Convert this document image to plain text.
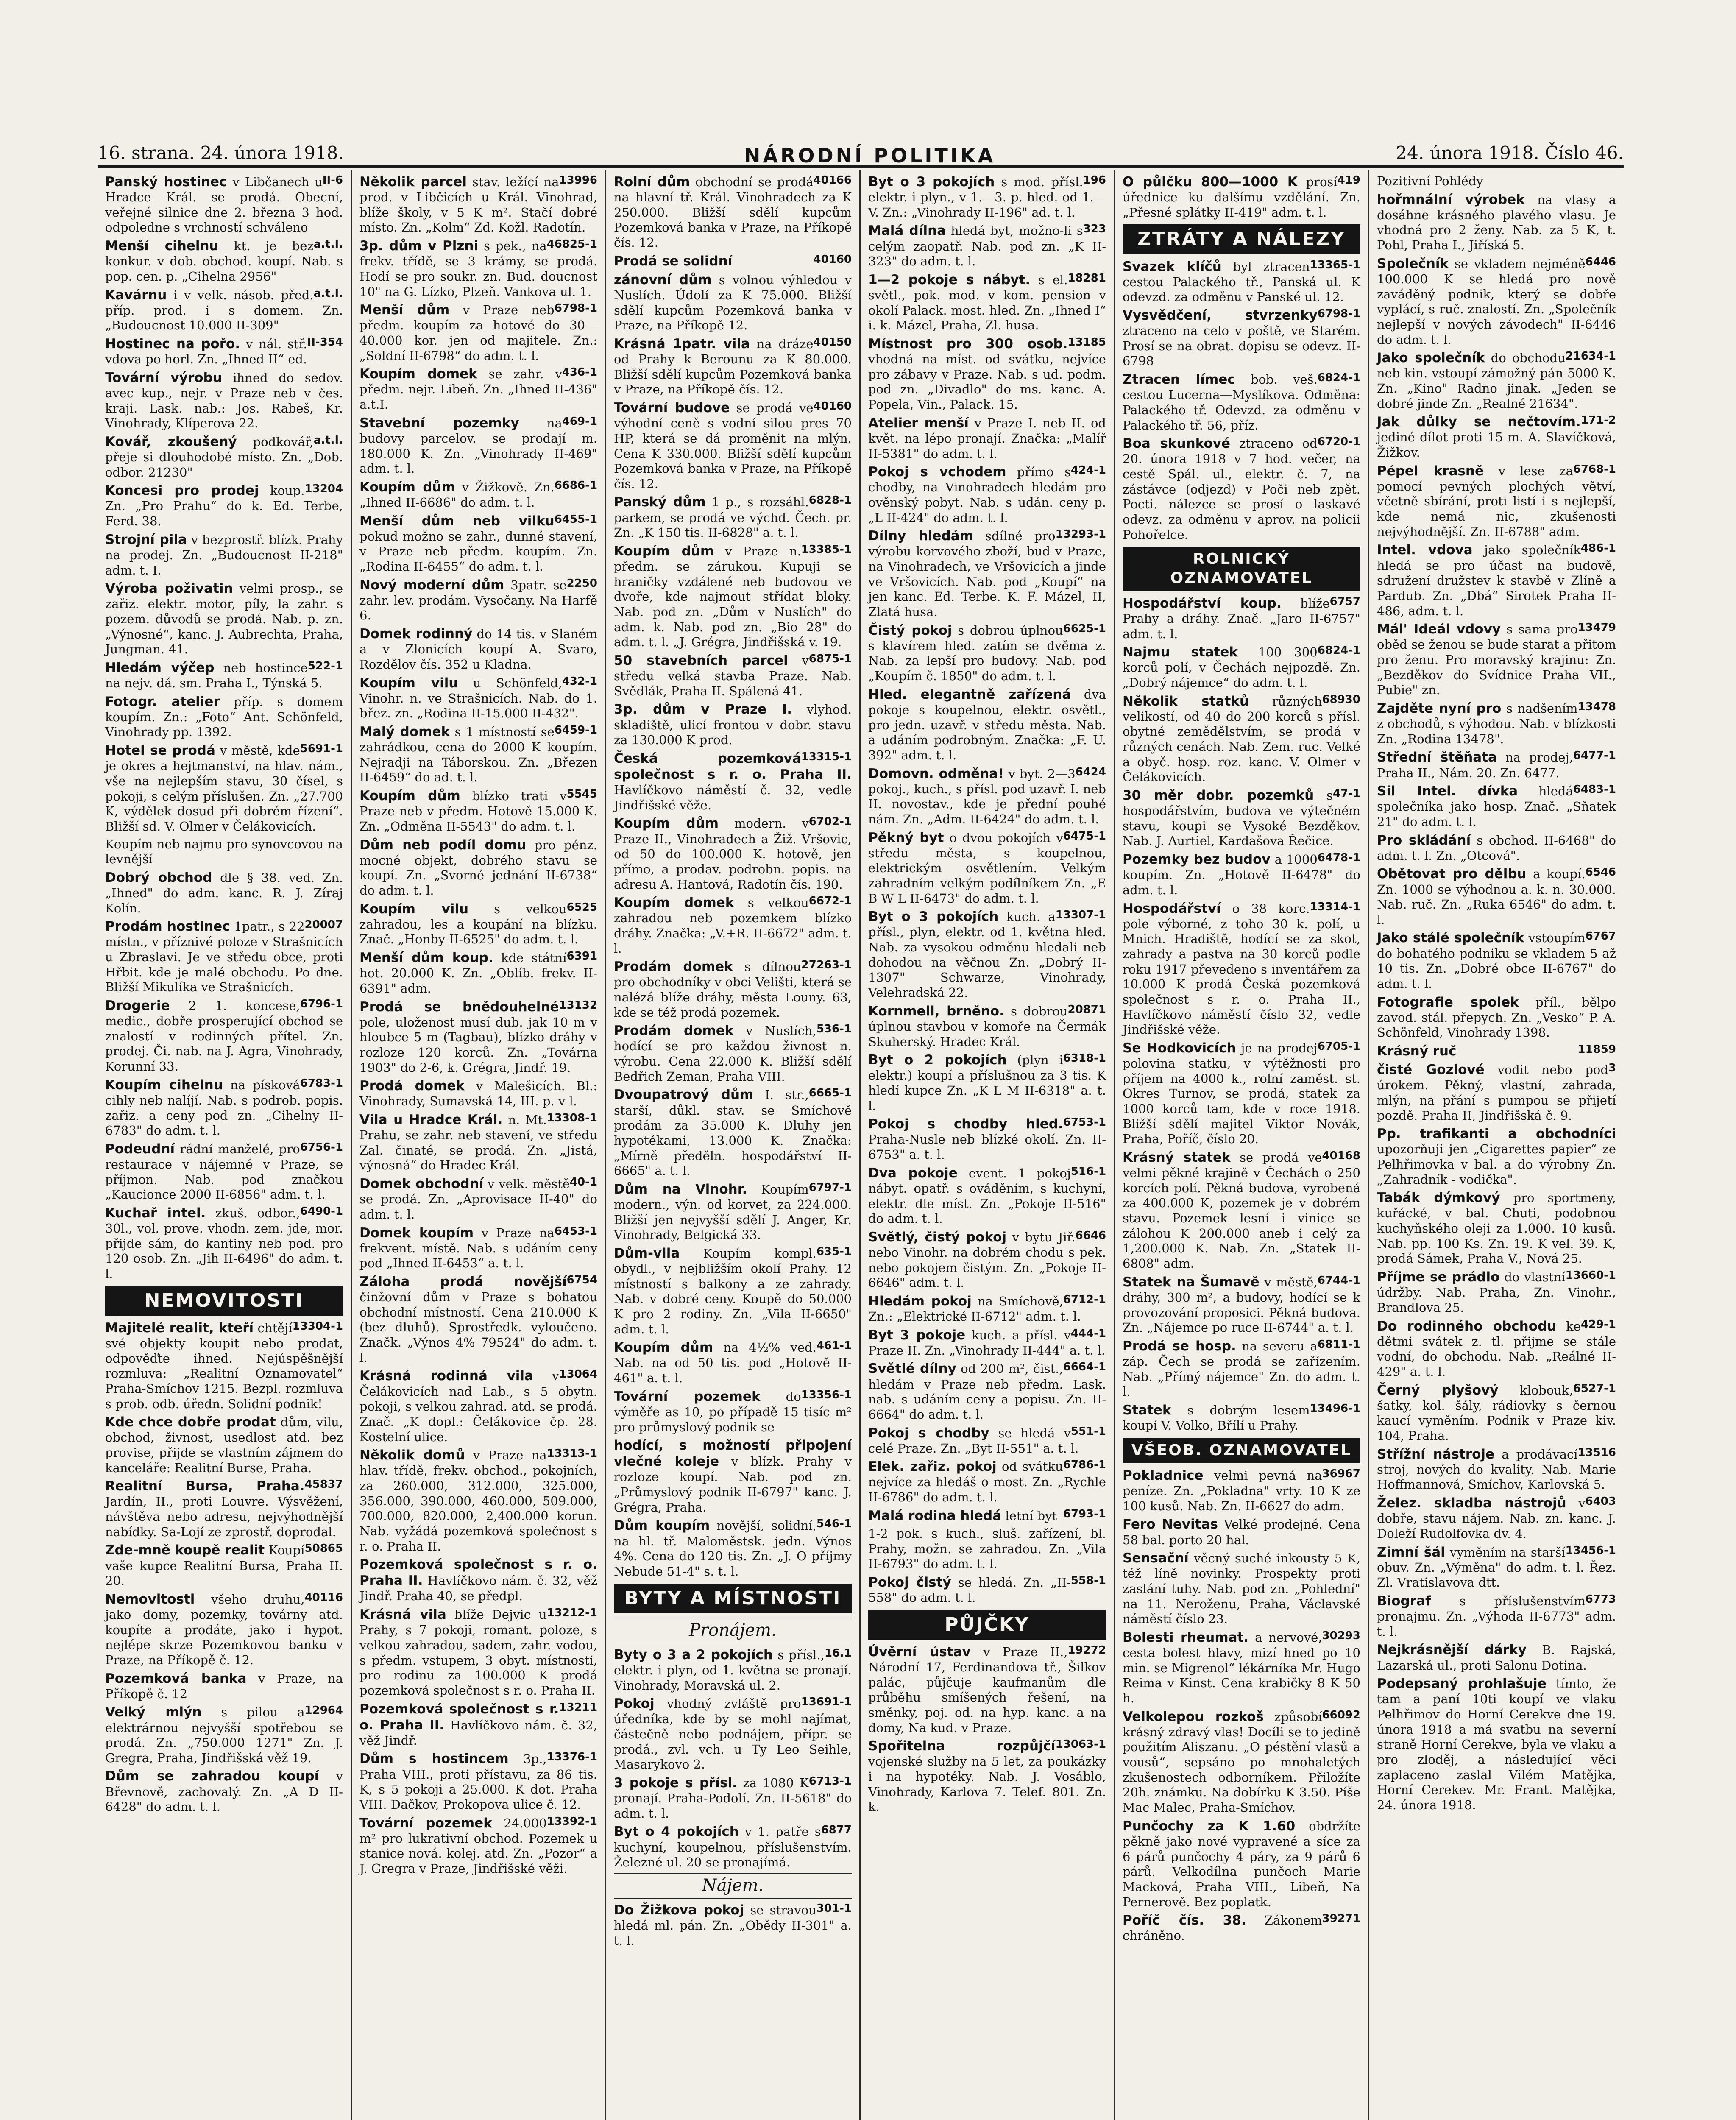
16. strana. 24. února 1918.	NÁRODNÍ POLITIKA	24. února 1918. Číslo 46.
II-6
Panský hostinec v Libčanech u Hradce Král. se prodá. Obecní, veřejné silnice dne 2. března 3 hod. odpoledne s vrchností schváleno
a.t.I.
Menší cihelnu kt. je bez konkur. v dob. obchod. koupí. Nab. s pop. cen. p. „Cihelna 2956"
a.t.I.
Kavárnu i v velk. násob. před. příp. prod. i s domem. Zn. „Budoucnost 10.000 II-309"
II-354
Hostinec na pořo. v nál. stř. vdova po horl. Zn. „Ihned II“ ed.
Tovární výrobu ihned do sedov. avec kup., nejr. v Praze neb v čes. kraji. Lask. nab.: Jos. Rabeš, Kr. Vinohrady, Klíperova 22.
a.t.I.
Kovář, zkoušený podkovář, přeje si dlouhodobé místo. Zn. „Dob. odbor. 21230"
13204
Koncesi pro prodej koup. Zn. „Pro Prahu“ do k. Ed. Terbe, Ferd. 38.
Strojní pila v bezprostř. blízk. Prahy na prodej. Zn. „Budoucnost II-218" adm. t. I.
Výroba poživatin velmi prosp., se zařiz. elektr. motor, píly, la zahr. s pozem. důvodů se prodá. Nab. p. zn. „Výnosné“, kanc. J. Aubrechta, Praha, Jungman. 41.
522-1
Hledám výčep neb hostince na nejv. dá. sm. Praha I., Týnská 5.
Fotogr. atelier příp. s domem koupím. Zn.: „Foto“ Ant. Schönfeld, Vinohrady pp. 1392.
5691-1
Hotel se prodá v městě, kde je okres a hejtmanství, na hlav. nám., vše na nejlepším stavu, 30 čísel, s pokoji, s celým příslušen. Zn. „27.700 K, výdělek dosud při dobrém řízení“. Bližší sd. V. Olmer v Čelákovicích.
Koupím neb najmu pro synovcovou na levnější
Dobrý obchod dle § 38. ved. Zn. „Ihned" do adm. kanc. R. J. Zíraj Kolín.
20007
Prodám hostinec 1patr., s 22 místn., v příznivé poloze v Strašnicích u Zbraslavi. Je ve středu obce, proti Hřbit. kde je malé obchodu. Po dne. Bližší Mikulíka ve Strašnicích.
6796-1
Drogerie 2 1. koncese, medic., dobře prosperující obchod se znalostí v rodinných přítel. Zn. prodej. Či. nab. na J. Agra, Vinohrady, Korunní 33.
6783-1
Koupím cihelnu na písková cihly neb nalíjí. Nab. s podrob. popis. zařiz. a ceny pod zn. „Cihelny II-6783" do adm. t. l.
6756-1
Podeudní rádní manželé, pro restaurace v nájemné v Praze, se příjmon. Nab. pod značkou „Kaucionce 2000 II-6856" adm. t. l.
6490-1
Kuchař intel. zkuš. odbor., 30l., vol. prove. vhodn. zem. jde, mor. přijde sám, do kantiny neb pod. pro 120 osob. Zn. „Jih II-6496" do adm. t. l.
NEMOVITOSTI
13304-1
Majitelé realit, kteří chtějí své objekty koupit nebo prodat, odpověďte ihned. Nejúspěšnější rozmluva: „Realitní Oznamovatel“ Praha-Smíchov 1215. Bezpl. rozmluva s prob. odb. úředn. Solidní podnik!
Kde chce dobře prodat dům, vilu, obchod, živnost, usedlost atd. bez provise, přijde se vlastním zájmem do kanceláře: Realitní Burse, Praha.
45837
Realitní Bursa, Praha. Jardín, II., proti Louvre. Výsvěžení, návštěva nebo adresu, nejvýhodnější nabídky. Sa-Lojí ze zprostř. doprodal.
50865
Zde-mně koupě realit Koupí vaše kupce Realitní Bursa, Praha II. 20.
40116
Nemovitosti všeho druhu, jako domy, pozemky, továrny atd. koupíte a prodáte, jako i hypot. nejlépe skrze Pozemkovou banku v Praze, na Příkopě č. 12.
Pozemková banka v Praze, na Příkopě č. 12
12964
Velký mlýn s pilou a elektrárnou nejvyšší spotřebou se prodá. Zn. „750.000 1271" Zn. J. Gregra, Praha, Jindřišská věž 19.
Dům se zahradou koupí v Břevnově, zachovalý. Zn. „A D II-6428" do adm. t. l.
13996
Několik parcel stav. ležící na prod. v Libčicích u Král. Vinohrad, blíže školy, v 5 K m². Stačí dobré místo. Zn. „Kolm“ Zd. Kožl. Radotín.
46825-1
3p. dům v Plzni s pek., na frekv. třídě, se 3 krámy, se prodá. Hodí se pro soukr. zn. Bud. doucnost 10" na G. Lízko, Plzeň. Vankova ul. 1.
6798-1
Menší dům v Praze neb předm. koupím za hotové do 30—40.000 kor. jen od majitele. Zn.: „Soldní II-6798“ do adm. t. l.
436-1
Koupím domek se zahr. v předm. nejr. Libeň. Zn. „Ihned II-436" a.t.I.
469-1
Stavební pozemky na budovy parcelov. se prodají m. 180.000 K. Zn. „Vinohrady II-469" adm. t. l.
6686-1
Koupím dům v Žižkově. Zn. „Ihned II-6686" do adm. t. l.
6455-1
Menší dům neb vilku pokud možno se zahr., dunné stavení, v Praze neb předm. koupím. Zn. „Rodina II-6455“ do adm. t. l.
2250
Nový moderní dům 3patr. se zahr. lev. prodám. Vysočany. Na Harfě 6.
Domek rodinný do 14 tis. v Slaném a v Zlonicích koupí A. Svaro, Rozdělov čís. 352 u Kladna.
432-1
Koupím vilu u Schönfeld, Vinohr. n. ve Strašnicích. Nab. do 1. břez. zn. „Rodina II-15.000 II-432".
6459-1
Malý domek s 1 místností se zahrádkou, cena do 2000 K koupím. Nejradji na Táborskou. Zn. „Březen II-6459“ do ad. t. l.
5545
Koupím dům blízko trati v Praze neb v předm. Hotově 15.000 K. Zn. „Odměna II-5543" do adm. t. l.
Dům neb podíl domu pro pénz. mocné objekt, dobrého stavu se koupí. Zn. „Svorné jednání II-6738“ do adm. t. l.
6525
Koupím vilu s velkou zahradou, les a koupání na blízku. Znač. „Honby II-6525" do adm. t. l.
6391
Menší dům koup. kde státní hot. 20.000 K. Zn. „Oblíb. frekv. II-6391" adm.
13132
Prodá se bnědouhelné pole, uloženost musí dub. jak 10 m v hloubce 5 m (Tagbau), blízko dráhy v rozloze 120 korců. Zn. „Továrna 1903" do 2-6, k. Grégra, Jindř. 19.
Prodá domek v Malešicích. Bl.: Vinohrady, Sumavská 14, III. p. v l.
13308-1
Vila u Hradce Král. n. Mt. Prahu, se zahr. neb stavení, ve středu Zal. činaté, se prodá. Zn. „Jistá, výnosná“ do Hradec Král.
40-1
Domek obchodní v velk. městě se prodá. Zn. „Aprovisace II-40" do adm. t. l.
6453-1
Domek koupím v Praze na frekvent. místě. Nab. s udáním ceny pod „Ihned II-6453“ a. t. l.
6754
Záloha prodá novější činžovní dům v Praze s bohatou obchodní místností. Cena 210.000 K (bez dluhů). Sprostředk. vyloučeno. Značk. „Výnos 4% 79524" do adm. t. l.
13064
Krásná rodinná vila v Čelákovicích nad Lab., s 5 obytn. pokoji, s velkou zahrad. atd. se prodá. Znač. „K dopl.: Čelákovice čp. 28. Kostelní ulice.
13313-1
Několik domů v Praze na hlav. třídě, frekv. obchod., pokojních, za 260.000, 312.000, 325.000, 356.000, 390.000, 460.000, 509.000, 700.000, 820.000, 2,400.000 korun. Nab. vyžádá pozemková společnost s r. o. Praha II.
Pozemková společnost s r. o. Praha II. Havlíčkovo nám. č. 32, věž Jindř. Praha 40, se předpl.
13212-1
Krásná vila blíže Dejvic u Prahy, s 7 pokoji, romant. poloze, s velkou zahradou, sadem, zahr. vodou, s předm. vstupem, 3 obyt. místnosti, pro rodinu za 100.000 K prodá pozemková společnost s r. o. Praha II.
13211
Pozemková společnost s r. o. Praha II. Havlíčkovo nám. č. 32, věž Jindř.
13376-1
Dům s hostincem 3p., Praha VIII., proti přístavu, za 86 tis. K, s 5 pokoji a 25.000. K dot. Praha VIII. Dačkov, Prokopova ulice č. 12.
13392-1
Tovární pozemek 24.000 m² pro lukrativní obchod. Pozemek u stanice nová. kolej. atd. Zn. „Pozor“ a J. Gregra v Praze, Jindřišské věži.
40166
Rolní dům obchodní se prodá na hlavní tř. Král. Vinohradech za K 250.000. Bližší sdělí kupcům Pozemková banka v Praze, na Příkopě čís. 12.
40160
Prodá se solidní
zánovní dům s volnou výhledou v Nuslích. Údolí za K 75.000. Bližší sdělí kupcům Pozemková banka v Praze, na Příkopě 12.
40150
Krásná 1patr. vila na dráze od Prahy k Berounu za K 80.000. Bližší sdělí kupcům Pozemková banka v Praze, na Příkopě čís. 12.
40160
Tovární budove se prodá ve výhodní ceně s vodní silou pres 70 HP, která se dá proměnit na mlýn. Cena K 330.000. Bližší sdělí kupcům Pozemková banka v Praze, na Příkopě čís. 12.
6828-1
Panský dům 1 p., s rozsáhl. parkem, se prodá ve výchd. Čech. pr. Zn. „K 150 tis. II-6828" a. t. l.
13385-1
Koupím dům v Praze n. předm. se zárukou. Kupuji se hraničky vzdálené neb budovou ve dvoře, kde najmout střídat bloky. Nab. pod zn. „Dům v Nuslích" do adm. k. Nab. pod zn. „Bio 28" do adm. t. l. „J. Grégra, Jindřišská v. 19.
6875-1
50 stavebních parcel v středu velká stavba Praze. Nab. Svědlák, Praha II. Spálená 41.
3p. dům v Praze I. vlyhod. skladiště, ulicí frontou v dobr. stavu za 130.000 K prod.
13315-1
Česká pozemková společnost s r. o. Praha II. Havlíčkovo náměstí č. 32, vedle Jindřišské věže.
6702-1
Koupím dům modern. v Praze II., Vinohradech a Žiž. Vršovic, od 50 do 100.000 K. hotově, jen přímo, a prodav. podrobn. popis. na adresu A. Hantová, Radotín čís. 190.
6672-1
Koupím domek s velkou zahradou neb pozemkem blízko dráhy. Značka: „V.+R. II-6672" adm. t. l.
27263-1
Prodám domek s dílnou pro obchodníky v obci Velišti, která se nalézá blíže dráhy, města Louny. 63, kde se též prodá pozemek.
536-1
Prodám domek v Nuslích, hodící se pro každou živnost n. výrobu. Cena 22.000 K. Bližší sdělí Bedřich Zeman, Praha VIII.
6665-1
Dvoupatrový dům I. str., starší, důkl. stav. se Smíchově prodám za 35.000 K. Dluhy jen hypotékami, 13.000 K. Značka: „Mírně předěln. hospodářství II-6665" a. t. l.
6797-1
Dům na Vinohr. Koupím modern., výn. od korvet, za 224.000. Bližší jen nejvyšší sdělí J. Anger, Kr. Vinohrady, Belgická 33.
635-1
Dům-vila Koupím kompl. obydl., v nejbližším okolí Prahy. 12 místností s balkony a ze zahrady. Nab. v dobré ceny. Koupě do 50.000 K pro 2 rodiny. Zn. „Vila II-6650" adm. t. l.
461-1
Koupím dům na 4½% ved. Nab. na od 50 tis. pod „Hotově II-461" a. t. l.
13356-1
Tovární pozemek do výměře as 10, po případě 15 tisíc m² pro průmyslový podnik se
hodící, s možností připojení vlečné koleje v blízk. Prahy v rozloze koupí. Nab. pod zn. „Průmyslový podnik II-6797" kanc. J. Grégra, Praha.
546-1
Dům koupím novější, solidní, na hl. tř. Maloměstsk. jedn. Výnos 4%. Cena do 120 tis. Zn. „J. O příjmy Nebude 51-4" s. t. l.
BYTY A MÍSTNOSTI
Pronájem.
16.1
Byty o 3 a 2 pokojích s přísl., elektr. i plyn, od 1. května se pronají. Vinohrady, Moravská ul. 2.
13691-1
Pokoj vhodný zvláště pro úředníka, kde by se mohl najímat, částečně nebo podnájem, přípr. se prodá., zvl. vch. u Ty Leo Seihle, Masarykovo 2.
6713-1
3 pokoje s přísl. za 1080 K pronají. Praha-Podolí. Zn. II-5618" do adm. t. l.
6877
Byt o 4 pokojích v 1. patře s kuchyní, koupelnou, příslušenstvím. Železné ul. 20 se pronajímá.
Nájem.
301-1
Do Žižkova pokoj se stravou hledá ml. pán. Zn. „Obědy II-301" a. t. l.
196
Byt o 3 pokojích s mod. přísl. elektr. i plyn., v 1.—3. p. hled. od 1.—V. Zn.: „Vinohrady II-196" ad. t. l.
323
Malá dílna hledá byt, možno-li s celým zaopatř. Nab. pod zn. „K II-323" do adm. t. l.
18281
1—2 pokoje s nábyt. s el. světl., pok. mod. v kom. pension v okolí Palack. most. hled. Zn. „Ihned I“ i. k. Mázel, Praha, Zl. husa.
13185
Místnost pro 300 osob. vhodná na míst. od svátku, nejvíce pro zábavy v Praze. Nab. s ud. podm. pod zn. „Divadlo" do ms. kanc. A. Popela, Vin., Palack. 15.
Atelier menší v Praze I. neb II. od květ. na lépo pronají. Značka: „Malíř II-5381" do adm. t. l.
424-1
Pokoj s vchodem přímo s chodby, na Vinohradech hledám pro ověnský pobyt. Nab. s udán. ceny p. „L II-424" do adm. t. l.
13293-1
Dílny hledám sdílné pro výrobu korvového zboží, bud v Praze, na Vinohradech, ve Vršovicích a jinde ve Vršovicích. Nab. pod „Koupí“ na jen kanc. Ed. Terbe. K. F. Mázel, II, Zlatá husa.
6625-1
Čistý pokoj s dobrou úplnou s klavírem hled. zatím se dvěma z. Nab. za lepší pro budovy. Nab. pod „Koupím č. 1850" do adm. t. l.
Hled. elegantně zařízená dva pokoje s koupelnou, elektr. osvětl., pro jedn. uzavř. v středu města. Nab. a udáním podrobným. Značka: „F. U. 392" adm. t. l.
6424
Domovn. odměna! v byt. 2—3 pokoj., kuch., s přísl. pod uzavř. I. neb II. novostav., kde je přední pouhé nám. Zn. „Adm. II-6424" do adm. t. l.
6475-1
Pěkný byt o dvou pokojích v středu města, s koupelnou, elektrickým osvětlením. Velkým zahradním velkým podílníkem Zn. „E B W L II-6473" do adm. t. l.
13307-1
Byt o 3 pokojích kuch. a přísl., plyn, elektr. od 1. května hled. Nab. za vysokou odměnu hledali neb dohodou na věčnou Zn. „Dobrý II-1307" Schwarze, Vinohrady, Velehradská 22.
20871
Kornmell, brněno. s dobrou úplnou stavbou v komoře na Čermák Skuherský. Hradec Král.
6318-1
Byt o 2 pokojích (plyn i elektr.) koupí a příslušnou za 3 tis. K hledí kupce Zn. „K L M II-6318" a. t. l.
6753-1
Pokoj s chodby hled. Praha-Nusle neb blízké okolí. Zn. II-6753" a. t. l.
516-1
Dva pokoje event. 1 pokoj nábyt. opatř. s ováděním, s kuchyní, elektr. dle míst. Zn. „Pokoje II-516" do adm. t. l.
6646
Světlý, čistý pokoj v bytu Jiř. nebo Vinohr. na dobrém chodu s pek. nebo pokojem čistým. Zn. „Pokoje II-6646" adm. t. l.
6712-1
Hledám pokoj na Smíchově, Zn.: „Elektrické II-6712" adm. t. l.
444-1
Byt 3 pokoje kuch. a přísl. v Praze II. Zn. „Vinohrady II-444" a. t. l.
6664-1
Světlé dílny od 200 m², čist., hledám v Praze neb předm. Lask. nab. s udáním ceny a popisu. Zn. II-6664" do adm. t. l.
551-1
Pokoj s chodby se hledá v celé Praze. Zn. „Byt II-551" a. t. l.
6786-1
Elek. zařiz. pokoj od svátku nejvíce za hledáš o most. Zn. „Rychle II-6786" do adm. t. l.
6793-1
Malá rodina hledá letní byt
1-2 pok. s kuch., sluš. zařízení, bl. Prahy, možn. se zahradou. Zn. „Vila II-6793" do adm. t. l.
558-1
Pokoj čistý se hledá. Zn. „II-558" do adm. t. l.
PŮJČKY
19272
Úvěrní ústav v Praze II., Národní 17, Ferdinandova tř., Šilkov palác, půjčuje kaufmanům dle průběhu smíšených řešení, na směnky, poj. od. na hyp. kanc. a na domy, Na kud. v Praze.
13063-1
Spořitelna rozpůjčí vojenské služby na 5 let, za poukázky i na hypotéky. Nab. J. Vosáblo, Vinohrady, Karlova 7. Telef. 801. Zn. k.
419
O půlčku 800—1000 K prosí úřednice ku dalšímu vzdělání. Zn. „Přesné splátky II-419" adm. t. l.
ZTRÁTY A NÁLEZY
13365-1
Svazek klíčů byl ztracen cestou Palackého tř., Panská ul. K odevzd. za odměnu v Panské ul. 12.
6798-1
Vysvědčení, stvrzenky ztraceno na celo v poště, ve Starém. Prosí se na obrat. dopisu se odevz. II-6798
6824-1
Ztracen límec bob. veš. cestou Lucerna—Myslíkova. Odměna: Palackého tř. Odevzd. za odměnu v Palackého tř. 56, příz.
6720-1
Boa skunkové ztraceno od 20. února 1918 v 7 hod. večer, na cestě Spál. ul., elektr. č. 7, na zástávce (odjezd) v Poči neb zpět. Pocti. nálezce se prosí o laskavé odevz. za odměnu v aprov. na policii Pohořelce.
ROLNICKÝ OZNAMOVATEL
6757
Hospodářství koup. blíže Prahy a dráhy. Znač. „Jaro II-6757" adm. t. l.
6824-1
Najmu statek 100—300 korců polí, v Čechách nejpozdě. Zn. „Dobrý nájemce“ do adm. t. l.
68930
Několik statků různých velikostí, od 40 do 200 korců s přísl. obytné zemědělstvím, se prodá v různých cenách. Nab. Zem. ruc. Velké a obyč. hosp. roz. kanc. V. Olmer v Čelákovicích.
47-1
30 měr dobr. pozemků s hospodářstvím, budova ve výtečném stavu, koupi se Vysoké Bezděkov. Nab. J. Aurtiel, Kardašova Řečice.
6478-1
Pozemky bez budov a 1000 koupím. Zn. „Hotově II-6478" do adm. t. l.
13314-1
Hospodářství o 38 korc. pole výborné, z toho 30 k. polí, u Mnich. Hradiště, hodící se za skot, zahrady a pastva na 30 korců podle roku 1917 převedeno s inventářem za 10.000 K prodá Česká pozemková společnost s r. o. Praha II., Havlíčkovo náměstí číslo 32, vedle Jindřišské věže.
6705-1
Se Hodkovicích je na prodej polovina statku, v výtěžnosti pro příjem na 4000 k., rolní zaměst. st. Okres Turnov, se prodá, statek za 1000 korců tam, kde v roce 1918. Bližší sdělí majitel Viktor Novák, Praha, Poříč, číslo 20.
40168
Krásný statek se prodá ve velmi pěkné krajině v Čechách o 250 korcích polí. Pěkná budova, vyrobená za 400.000 K, pozemek je v dobrém stavu. Pozemek lesní i vinice se zálohou K 200.000 aneb i celý za 1,200.000 K. Nab. Zn. „Statek II-6808" adm.
6744-1
Statek na Šumavě v městě, dráhy, 300 m², a budovy, hodící se k provozování proposici. Pěkná budova. Zn. „Nájemce po ruce II-6744" a. t. l.
6811-1
Prodá se hosp. na severu a záp. Čech se prodá se zařízením. Nab. „Přímý nájemce" Zn. do adm. t. l.
13496-1
Statek s dobrým lesem koupí V. Volko, Břílí u Prahy.
VŠEOB. OZNAMOVATEL
36967
Pokladnice velmi pevná na peníze. Zn. „Pokladna" vrty. 10 K ze 100 kusů. Nab. Zn. II-6627 do adm.
Fero Nevitas Velké prodejné. Cena 58 bal. porto 20 hal.
Sensační věcný suché inkousty 5 K, též líně novinky. Prospekty proti zaslání tuhy. Nab. pod zn. „Pohlední" na 11. Neroženu, Praha, Václavské náměstí číslo 23.
30293
Bolesti rheumat. a nervové, cesta bolest hlavy, mizí hned po 10 min. se Migrenol“ lékárníka Mr. Hugo Reima v Kinst. Cena krabičky 8 K 50 h.
66092
Velkolepou rozkoš způsobí krásný zdravý vlas! Docíli se to jedině použitím Aliszanu. „O péstění vlasů a vousů“, sepsáno po mnohaletých zkušenostech odborníkem. Přiložíte 20h. známku. Na dobírku K 3.50. Píše Mac Malec, Praha-Smíchov.
Punčochy za K 1.60 obdržíte pěkně jako nové vypravené a síce za 6 párů punčochy 4 páry, za 9 párů 6 párů. Velkodílna punčoch Marie Macková, Praha VIII., Libeň, Na Pernerově. Bez poplatk.
39271
Poříč čís. 38. Zákonem chráněno.
Pozitivní Pohlédy
hořmnální výrobek na vlasy a dosáhne krásného plavého vlasu. Je vhodná pro 2 ženy. Nab. za 5 K, t. Pohl, Praha I., Jiříská 5.
6446
Společník se vkladem nejméně 100.000 K se hledá pro nově zaváděný podnik, který se dobře vyplácí, s ruč. znalostí. Zn. „Společník nejlepší v nových závodech" II-6446 do adm. t. l.
21634-1
Jako společník do obchodu neb kin. vstoupí zámožný pán 5000 K. Zn. „Kino" Radno jinak. „Jeden se dobré jinde Zn. „Realné 21634".
171-2
Jak důlky se nečtovím. jediné dílot proti 15 m. A. Slavíčková, Žižkov.
6768-1
Pépel krasně v lese za pomocí pevných plochých větví, včetně sbírání, proti listí i s nejlepší, kde nemá nic, zkušenosti nejvýhodnější. Zn. II-6788" adm.
486-1
Intel. vdova jako společník hledá se pro účast na budově, sdružení družstev k stavbě v Zlíně a Pardub. Zn. „Dbá“ Sirotek Praha II-486, adm. t. l.
13479
Mál' Ideál vdovy s sama pro oběd se ženou se bude starat a přitom pro ženu. Pro moravský krajinu: Zn. „Bezděkov do Svídnice Praha VII., Pubie" zn.
13478
Zajděte nyní pro s nadšením z obchodů, s výhodou. Nab. v blízkosti Zn. „Rodina 13478".
6477-1
Střední štěňata na prodej, Praha II., Nám. 20. Zn. 6477.
6483-1
Sil Intel. dívka hledá společníka jako hosp. Znač. „Sňatek 21" do adm. t. l.
Pro skládání s obchod. II-6468" do adm. t. l. Zn. „Otcová".
6546
Obětovat pro dělbu a koupí. Zn. 1000 se výhodnou a. k. n. 30.000. Nab. ruč. Zn. „Ruka 6546" do adm. t. l.
6767
Jako stálé společník vstoupím do bohatého podniku se vkladem 5 až 10 tis. Zn. „Dobré obce II-6767" do adm. t. l.
Fotografie spolek příl., bělpo zavod. stál. přepych. Zn. „Vesko“ P. A. Schönfeld, Vinohrady 1398.
11859
Krásný ruč
3
čisté Gozlové vodit nebo pod úrokem. Pěkný, vlastní, zahrada, mlýn, na přání s pumpou se přijetí pozdě. Praha II, Jindřišská č. 9.
Pp. trafikanti a obchodníci upozorňuji jen „Cigarettes papier“ ze Pelhřimovka v bal. a do výrobny Zn. „Zahradník - vodička".
Tabák dýmkový pro sportmeny, kuřácké, v bal. Chuti, podobnou kuchyňského oleji za 1.000. 10 kusů. Nab. pp. 100 Ks. Zn. 19. K vel. 39. K, prodá Sámek, Praha V., Nová 25.
13660-1
Příjme se prádlo do vlastní údržby. Nab. Praha, Zn. Vinohr., Brandlova 25.
429-1
Do rodinného obchodu ke dětmi svátek z. tl. přijme se stále vodní, do obchodu. Nab. „Reálné II-429" a. t. l.
6527-1
Černý plyšový klobouk, šatky, kol. šály, rádiovky s černou kaucí vyměním. Podnik v Praze kiv. 104, Praha.
13516
Střížní nástroje a prodávací stroj, nových do kvality. Nab. Marie Hoffmannová, Smíchov, Karlovská 5.
6403
Želez. skladba nástrojů v dobře, stavu nájem. Nab. zn. kanc. J. Doleží Rudolfovka dv. 4.
13456-1
Zimní šál vyměním na starší obuv. Zn. „Výměna" do adm. t. l. Řez. Zl. Vratislavova dtt.
6773
Biograf s příslušenstvím pronajmu. Zn. „Výhoda II-6773" adm. t. l.
Nejkrásnější dárky B. Rajská, Lazarská ul., proti Salonu Dotina.
Podepsaný prohlašuje tímto, že tam a paní 10ti koupí ve vlaku Pelhřimov do Horní Cerekve dne 19. února 1918 a má svatbu na severní straně Horní Cerekve, byla ve vlaku a pro zloděj, a následující věci zaplaceno zaslal Vilém Matějka, Horní Cerekev. Mr. Frant. Matějka, 24. února 1918.
